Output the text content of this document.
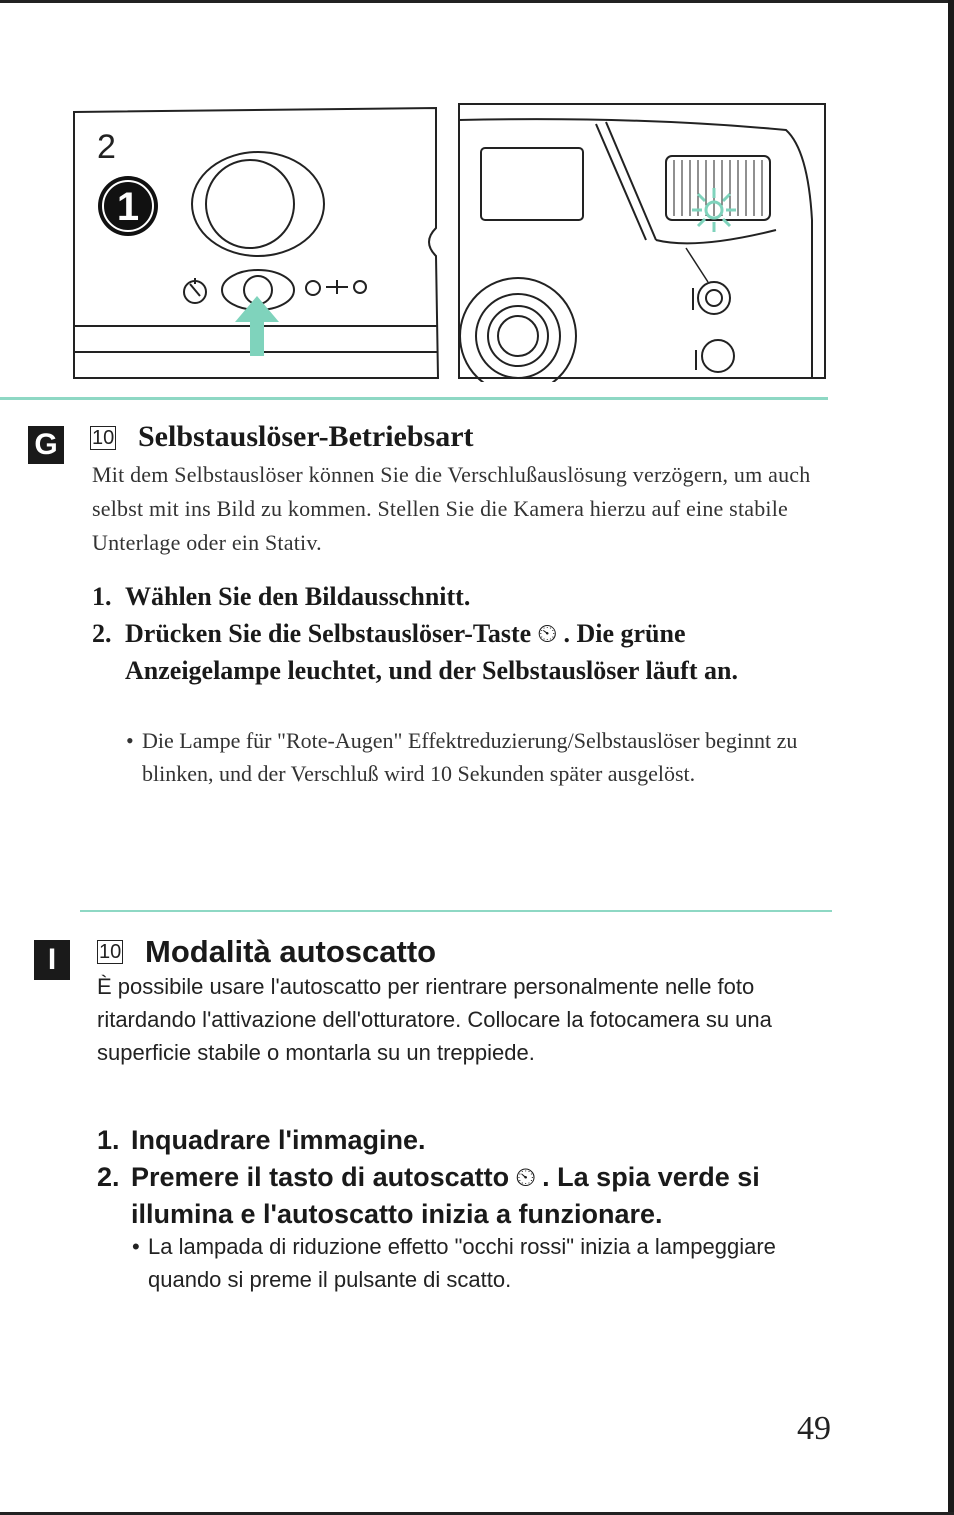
1
2
G	10 Selbstauslöser-Betriebsart
Mit dem Selbstauslöser können Sie die Verschlußauslösung verzögern, um auch selbst mit ins Bild zu kommen. Stellen Sie die Kamera hierzu auf eine stabile Unterlage oder ein Stativ.
1. Wählen Sie den Bildausschnitt.
2. Drücken Sie die Selbstauslöser-Taste ⏲ . Die grüne Anzeigelampe leuchtet, und der Selbstauslöser läuft an.
• Die Lampe für "Rote-Augen" Effektreduzierung/Selbstauslöser beginnt zu blinken, und der Verschluß wird 10 Sekunden später ausgelöst.
I	10 Modalità autoscatto
È possibile usare l'autoscatto per rientrare personalmente nelle foto ritardando l'attivazione dell'otturatore. Collocare la fotocamera su una superficie stabile o montarla su un treppiede.
1. Inquadrare l'immagine.
2. Premere il tasto di autoscatto ⏲ . La spia verde si illumina e l'autoscatto inizia a funzionare.
• La lampada di riduzione effetto "occhi rossi" inizia a lampeggiare quando si preme il pulsante di scatto.
49
